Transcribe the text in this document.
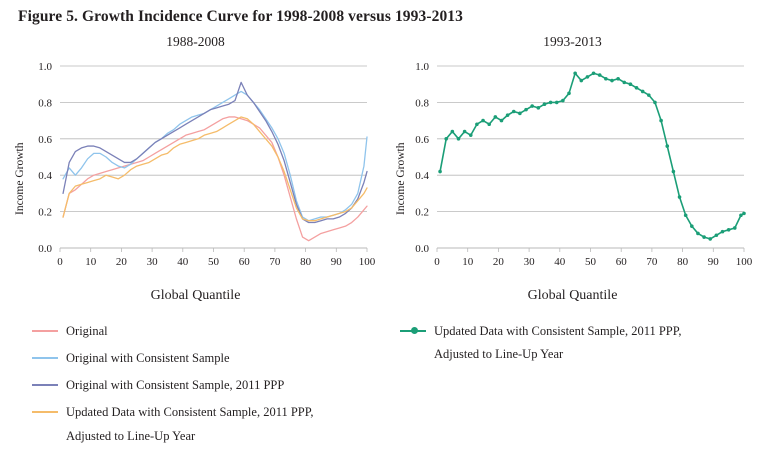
Figure 5. Growth Incidence Curve for 1998-2008 versus 1993-2013
1988-2008
Income Growth
0.0
0.2
0.4
0.6
0.8
1.0
0 10 20 30 40 50 60 70 80 90 100
Global Quantile
1993-2013
Income Growth
0.0
0.2
0.4
0.6
0.8
1.0
0 10 20 30 40 50 60 70 80 90 100
Global Quantile
Original
Original with Consistent Sample
Original with Consistent Sample, 2011 PPP
Updated Data with Consistent Sample, 2011 PPP,
Adjusted to Line-Up Year
Updated Data with Consistent Sample, 2011 PPP,
Adjusted to Line-Up Year
